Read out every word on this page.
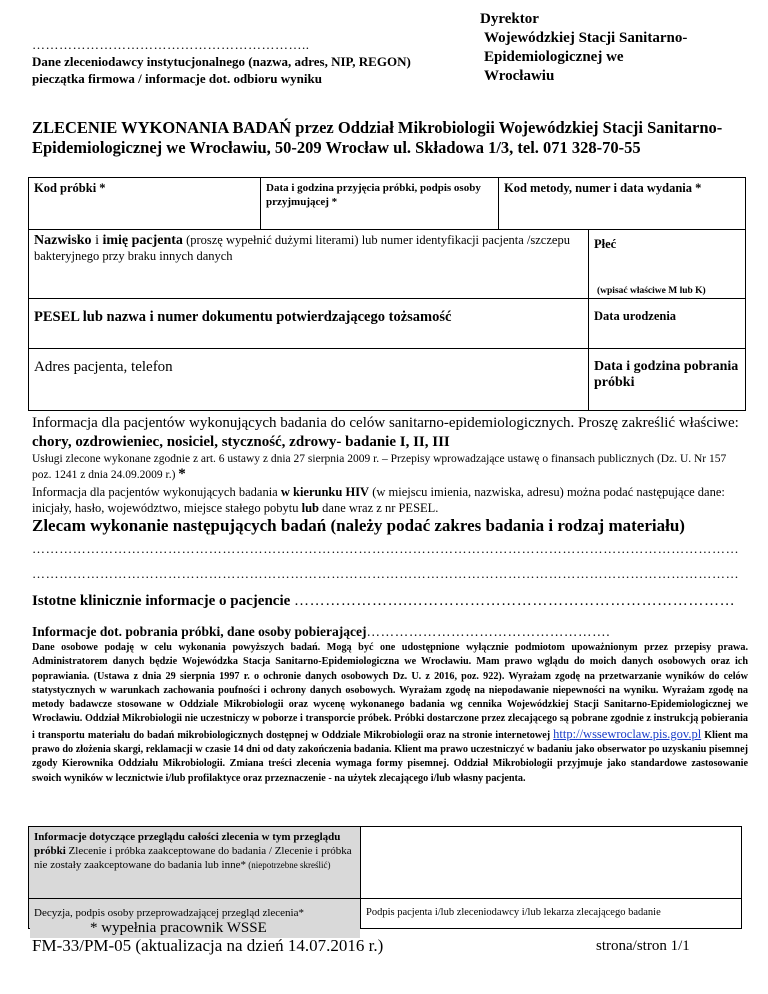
……………………………………………………..
Dane zleceniodawcy instytucjonalnego (nazwa, adres, NIP, REGON) pieczątka firmowa / informacje dot. odbioru wyniku
Dyrektor
Wojewódzkiej Stacji Sanitarno-
Epidemiologicznej we
Wrocławiu
ZLECENIE WYKONANIA BADAŃ przez Oddział Mikrobiologii Wojewódzkiej Stacji Sanitarno-Epidemiologicznej we Wrocławiu, 50-209 Wrocław ul. Składowa 1/3, tel. 071 328-70-55
Kod próbki *	Data i godzina przyjęcia próbki, podpis osoby przyjmującej *	Kod metody, numer i data wydania *
Nazwisko i imię pacjenta (proszę wypełnić dużymi literami) lub numer identyfikacji pacjenta /szczepu bakteryjnego przy braku innych danych	Płeć
(wpisać właściwe M lub K)

PESEL lub nazwa i numer dokumentu potwierdzającego tożsamość	Data urodzenia
Adres pacjenta, telefon	Data i godzina pobrania próbki
Informacja dla pacjentów wykonujących badania do celów sanitarno-epidemiologicznych. Proszę zakreślić właściwe: chory, ozdrowieniec, nosiciel, styczność, zdrowy- badanie I, II, III
Usługi zlecone wykonane zgodnie z art. 6 ustawy z dnia 27 sierpnia 2009 r. – Przepisy wprowadzające ustawę o finansach publicznych (Dz. U. Nr 157 poz. 1241 z dnia 24.09.2009 r.) *
Informacja dla pacjentów wykonujących badania w kierunku HIV (w miejscu imienia, nazwiska, adresu) można podać następujące dane: inicjały, hasło, województwo, miejsce stałego pobytu lub dane wraz z nr PESEL.
Zlecam wykonanie następujących badań (należy podać zakres badania i rodzaj materiału)
…………………………………………………………………………………………………………………………………………
…………………………………………………………………………………………………………………………………………
Istotne klinicznie informacje o pacjencie ………………….………………………………………………………
Informacje dot. pobrania próbki, dane osoby pobierającej…………………………………………….
Dane osobowe podaję w celu wykonania powyższych badań. Mogą być one udostępnione wyłącznie podmiotom upoważnionym przez przepisy prawa. Administratorem danych będzie Wojewódzka Stacja Sanitarno-Epidemiologiczna we Wrocławiu. Mam prawo wglądu do moich danych osobowych oraz ich poprawiania. (Ustawa z dnia 29 sierpnia 1997 r. o ochronie danych osobowych Dz. U. z 2016, poz. 922). Wyrażam zgodę na przetwarzanie wyników do celów statystycznych w warunkach zachowania poufności i ochrony danych osobowych. Wyrażam zgodę na niepodawanie niepewności na wyniku. Wyrażam zgodę na metody badawcze stosowane w Oddziale Mikrobiologii oraz wycenę wykonanego badania wg cennika Wojewódzkiej Stacji Sanitarno-Epidemiologicznej we Wrocławiu. Oddział Mikrobiologii nie uczestniczy w poborze i transporcie próbek. Próbki dostarczone przez zlecającego są pobrane zgodnie z instrukcją pobierania i transportu materiału do badań mikrobiologicznych dostępnej w Oddziale Mikrobiologii oraz na stronie internetowej http://wssewroclaw.pis.gov.pl Klient ma prawo do złożenia skargi, reklamacji w czasie 14 dni od daty zakończenia badania. Klient ma prawo uczestniczyć w badaniu jako obserwator po uzyskaniu pisemnej zgody Kierownika Oddziału Mikrobiologii. Zmiana treści zlecenia wymaga formy pisemnej. Oddział Mikrobiologii przyjmuje jako standardowe zastosowanie swoich wyników w lecznictwie i/lub profilaktyce oraz przeznaczenie - na użytek zlecającego i/lub własny pacjenta.
Informacje dotyczące przeglądu całości zlecenia w tym przeglądu próbki Zlecenie i próbka zaakceptowane do badania / Zlecenie i próbka nie zostały zaakceptowane do badania lub inne* (niepotrzebne skreślić)	
Decyzja, podpis osoby przeprowadzającej przegląd zlecenia*	Podpis pacjenta i/lub zleceniodawcy i/lub lekarza zlecającego badanie
* wypełnia pracownik WSSE
FM-33/PM-05 (aktualizacja na dzień 14.07.2016 r.)	strona/stron 1/1
